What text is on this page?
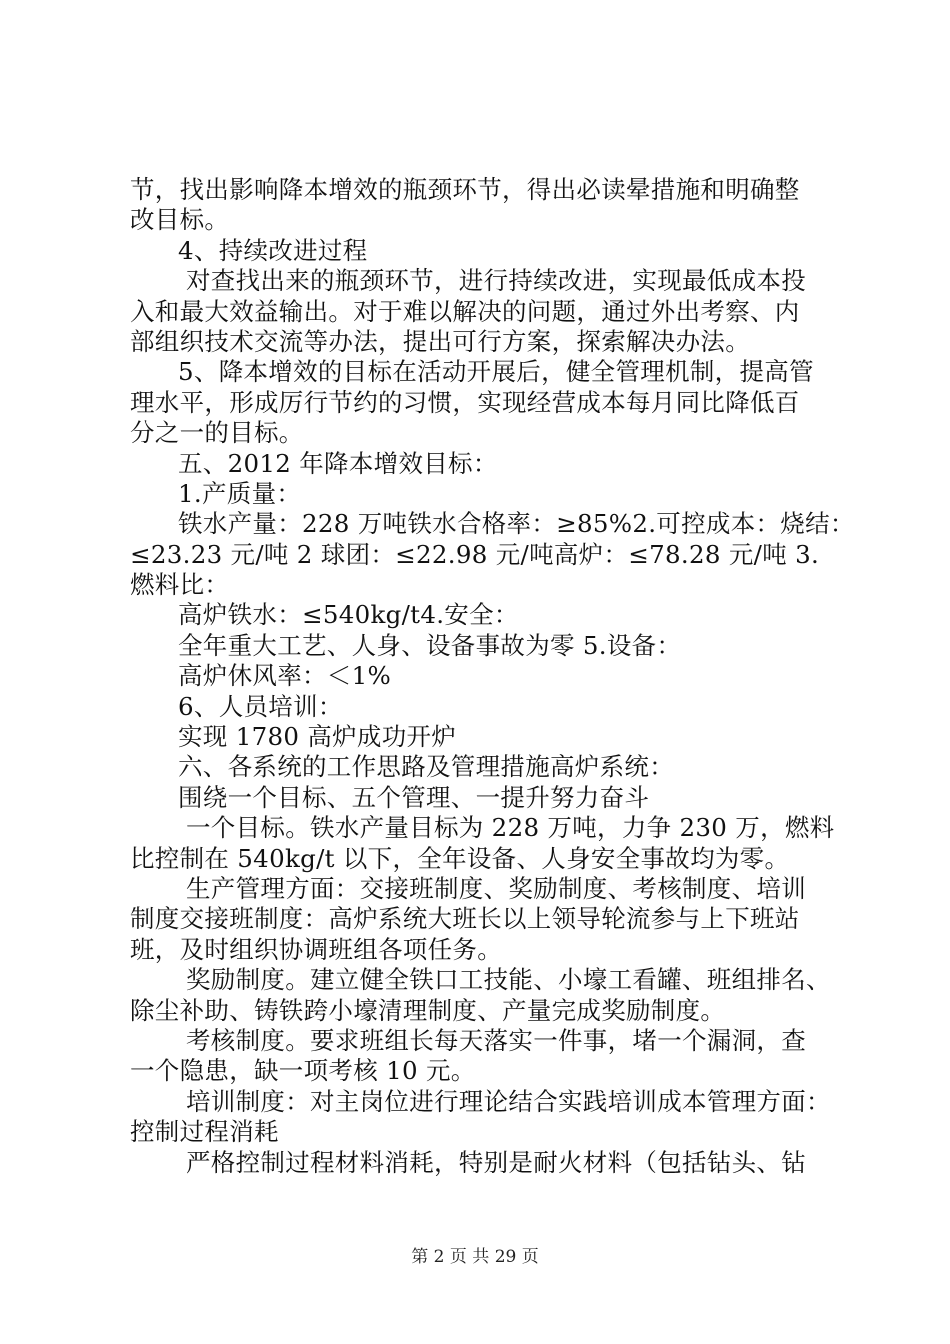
节，找出影响降本增效的瓶颈环节，得出必读晕措施和明确整
改目标。
4、持续改进过程
对查找出来的瓶颈环节，进行持续改进，实现最低成本投
入和最大效益输出。对于难以解决的问题，通过外出考察、内
部组织技术交流等办法，提出可行方案，探索解决办法。
5、降本增效的目标在活动开展后，健全管理机制，提高管
理水平，形成厉行节约的习惯，实现经营成本每月同比降低百
分之一的目标。
五、2012 年降本增效目标：
1.产质量：
铁水产量：228 万吨铁水合格率：≥85%2.可控成本：烧结：
≤23.23 元/吨 2 球团：≤22.98 元/吨高炉：≤78.28 元/吨 3.
燃料比：
高炉铁水：≤540kg/t4.安全：
全年重大工艺、人身、设备事故为零 5.设备：
高炉休风率：＜1%
6、人员培训：
实现 1780 高炉成功开炉
六、各系统的工作思路及管理措施高炉系统：
围绕一个目标、五个管理、一提升努力奋斗
一个目标。铁水产量目标为 228 万吨，力争 230 万，燃料
比控制在 540kg/t 以下，全年设备、人身安全事故均为零。
生产管理方面：交接班制度、奖励制度、考核制度、培训
制度交接班制度：高炉系统大班长以上领导轮流参与上下班站
班，及时组织协调班组各项任务。
奖励制度。建立健全铁口工技能、小壕工看罐、班组排名、
除尘补助、铸铁跨小壕清理制度、产量完成奖励制度。
考核制度。要求班组长每天落实一件事，堵一个漏洞，查
一个隐患，缺一项考核 10 元。
培训制度：对主岗位进行理论结合实践培训成本管理方面：
控制过程消耗
严格控制过程材料消耗，特别是耐火材料（包括钻头、钻
第 2 页 共 29 页
